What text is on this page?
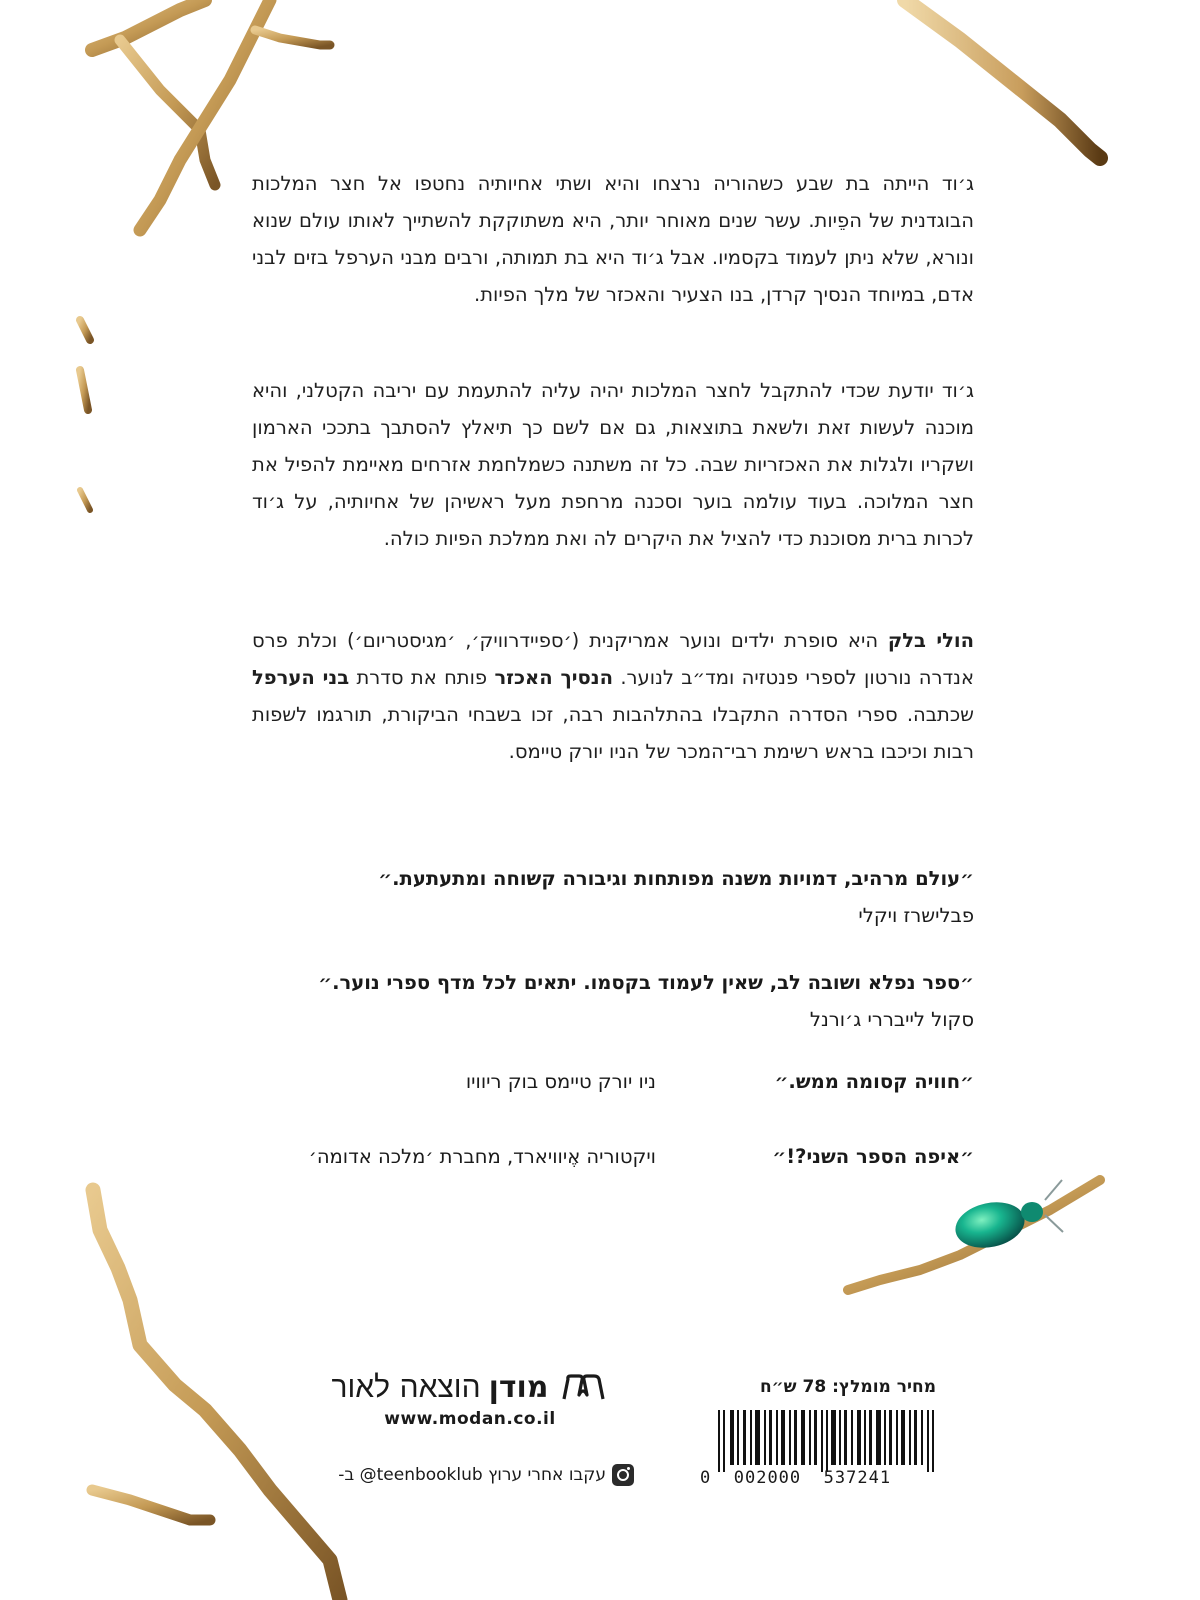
ג׳וד הייתה בת שבע כשהוריה נרצחו והיא ושתי אחיותיה נחטפו אל חצר המלכות הבוגדנית של הפֵיות. עשר שנים מאוחר יותר, היא משתוקקת להשתייך לאותו עולם שנוא ונורא, שלא ניתן לעמוד בקסמיו. אבל ג׳וד היא בת תמותה, ורבים מבני הערפל בזים לבני אדם, במיוחד הנסיך קרדן, בנו הצעיר והאכזר של מלך הפיות.

ג׳וד יודעת שכדי להתקבל לחצר המלכות יהיה עליה להתעמת עם יריבה הקטלני, והיא מוכנה לעשות זאת ולשאת בתוצאות, גם אם לשם כך תיאלץ להסתבך בתככי הארמון ושקריו ולגלות את האכזריות שבה. כל זה משתנה כשמלחמת אזרחים מאיימת להפיל את חצר המלוכה. בעוד עולמה בוער וסכנה מרחפת מעל ראשיהן של אחיותיה, על ג׳וד לכרות ברית מסוכנת כדי להציל את היקרים לה ואת ממלכת הפיות כולה.

הולי בלק היא סופרת ילדים ונוער אמריקנית (׳ספיידרוויק׳, ׳מגיסטריום׳) וכלת פרס אנדרה נורטון לספרי פנטזיה ומד״ב לנוער. הנסיך האכזר פותח את סדרת בני הערפל שכתבה. ספרי הסדרה התקבלו בהתלהבות רבה, זכו בשבחי הביקורת, תורגמו לשפות רבות וכיכבו בראש רשימת רבי־המכר של הניו יורק טיימס.

״עולם מרהיב, דמויות משנה מפותחות וגיבורה קשוחה ומתעתעת.״
פבלישרז ויקלי
״ספר נפלא ושובה לב, שאין לעמוד בקסמו. יתאים לכל מדף ספרי נוער.״
סקול לייבררי ג׳ורנל
״חוויה קסומה ממש.״
ניו יורק טיימס בוק ריוויו
״איפה הספר השני?!״
ויקטוריה אֶיוויארד, מחברת ׳מלכה אדומה׳
מודן
הוצאה לאור
www.modan.co.il
עקבו אחרי ערוץ @teenbooklub ב-
מחיר מומלץ: 78 ש״ח
0 002000 537241
